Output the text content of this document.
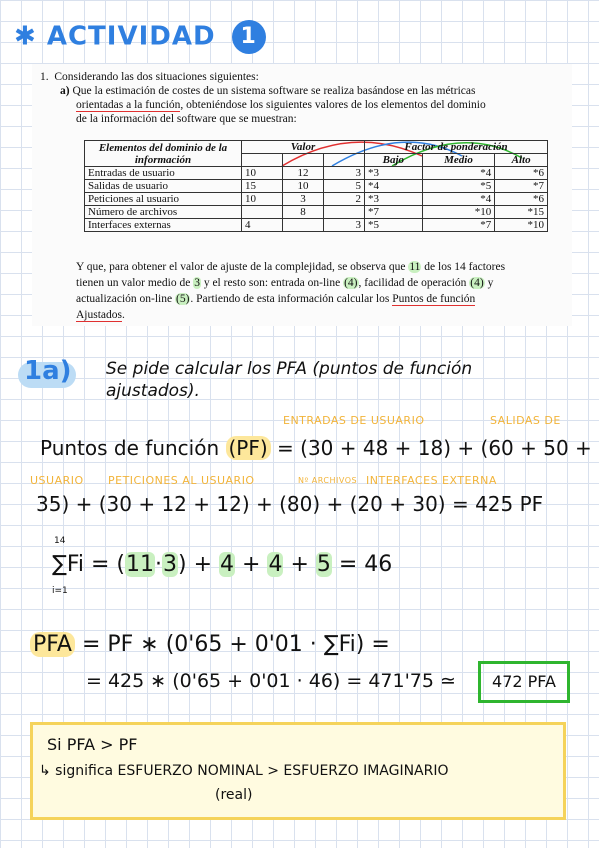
✱ ACTIVIDAD 1
1. Considerando las dos situaciones siguientes:
a) Que la estimación de costes de un sistema software se realiza basándose en las métricas
orientadas a la función, obteniéndose los siguientes valores de los elementos del dominio
de la información del software que se muestran:
Elementos del dominio de la información	Valor			Factor de ponderación		
				Bajo	Medio	Alto
Entradas de usuario	10	12	3	*3	*4	*6
Salidas de usuario	15	10	5	*4	*5	*7
Peticiones al usuario	10	3	2	*3	*4	*6
Número de archivos		8		*7	*10	*15
Interfaces externas	4		3	*5	*7	*10
Y que, para obtener el valor de ajuste de la complejidad, se observa que 11 de los 14 factores
tienen un valor medio de 3 y el resto son: entrada on-line (4), facilidad de operación (4) y
actualización on-line (5). Partiendo de esta información calcular los Puntos de función
Ajustados.
1a) Se pide calcular los PFA (puntos de función
ajustados).
ENTRADAS DE USUARIO	SALIDAS DE
USUARIO PETICIONES AL USUARIO	Nº ARCHIVOS INTERFACES EXTERNA
Puntos de función (PF) = (30 + 48 + 18) + (60 + 50 +
35) + (30 + 12 + 12) + (80) + (20 + 30) = 425 PF
14
i=1
∑Fi = (11·3) + 4 + 4 + 5 = 46
PFA = PF ∗ (0'65 + 0'01 · ∑Fi) =
= 425 ∗ (0'65 + 0'01 · 46) = 471'75 ≃	472 PFA
Si PFA > PF
↳ significa ESFUERZO NOMINAL > ESFUERZO IMAGINARIO
(real)
